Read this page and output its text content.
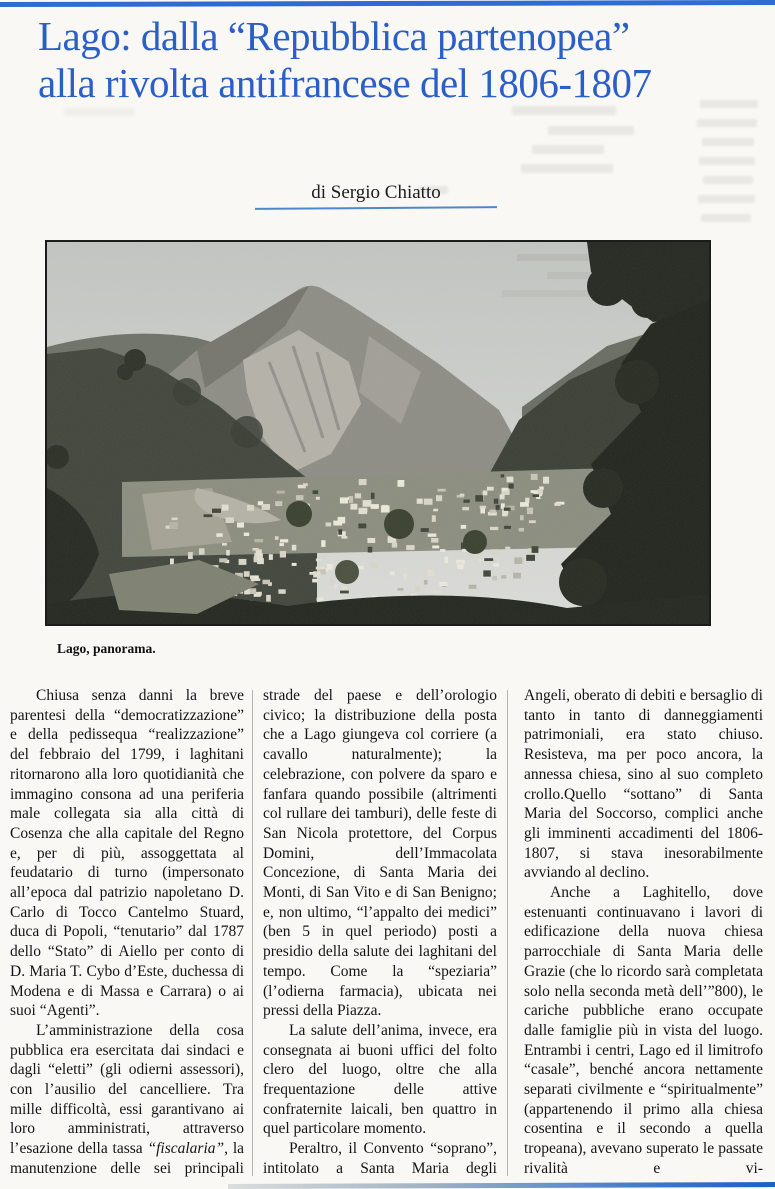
Lago: dalla “Repubblica partenopea”
alla rivolta antifrancese del 1806-1807
di Sergio Chiatto
Lago, panorama.
Chiusa senza danni la breve parentesi della “democratizzazione” e della pedissequa “realizzazione” del febbraio del 1799, i laghitani ritornarono alla loro quotidianità che immagino consona ad una periferia male collegata sia alla città di Cosenza che alla capitale del Regno e, per di più, assoggettata al feudatario di turno (impersonato all’epoca dal patrizio napoletano D. Carlo di Tocco Cantelmo Stuard, duca di Popoli, “tenutario” dal 1787 dello “Stato” di Aiello per conto di D. Maria T. Cybo d’Este, duchessa di Modena e di Massa e Carrara) o ai suoi “Agenti”.
L’amministrazione della cosa pubblica era esercitata dai sindaci e dagli “eletti” (gli odierni assessori), con l’ausilio del cancelliere. Tra mille difficoltà, essi garantivano ai loro amministrati, attraverso l’esazione della tassa “fiscalaria”, la manutenzione delle sei principali
strade del paese e dell’orologio civico; la distribuzione della posta che a Lago giungeva col corriere (a cavallo naturalmente); la celebrazione, con polvere da sparo e fanfara quando possibile (altrimenti col rullare dei tamburi), delle feste di San Nicola protettore, del Corpus Domini, dell’Immacolata Concezione, di Santa Maria dei Monti, di San Vito e di San Benigno; e, non ultimo, “l’appalto dei medici” (ben 5 in quel periodo) posti a presidio della salute dei laghitani del tempo. Come la “speziaria” (l’odierna farmacia), ubicata nei pressi della Piazza.
La salute dell’anima, invece, era consegnata ai buoni uffici del folto clero del luogo, oltre che alla frequentazione delle attive confraternite laicali, ben quattro in quel particolare momento.
Peraltro, il Convento “soprano”, intitolato a Santa Maria degli
Angeli, oberato di debiti e bersaglio di tanto in tanto di danneggiamenti patrimoniali, era stato chiuso. Resisteva, ma per poco ancora, la annessa chiesa, sino al suo completo crollo.Quello “sottano” di Santa Maria del Soccorso, complici anche gli imminenti accadimenti del 1806-1807, si stava inesorabilmente avviando al declino.
Anche a Laghitello, dove estenuanti continuavano i lavori di edificazione della nuova chiesa parrocchiale di Santa Maria delle Grazie (che lo ricordo sarà completata solo nella seconda metà dell’”800), le cariche pubbliche erano occupate dalle famiglie più in vista del luogo. Entrambi i centri, Lago ed il limitrofo “casale”, benché ancora nettamente separati civilmente e “spiritualmente” (appartenendo il primo alla chiesa cosentina e il secondo a quella tropeana), avevano superato le passate rivalità e vi-
